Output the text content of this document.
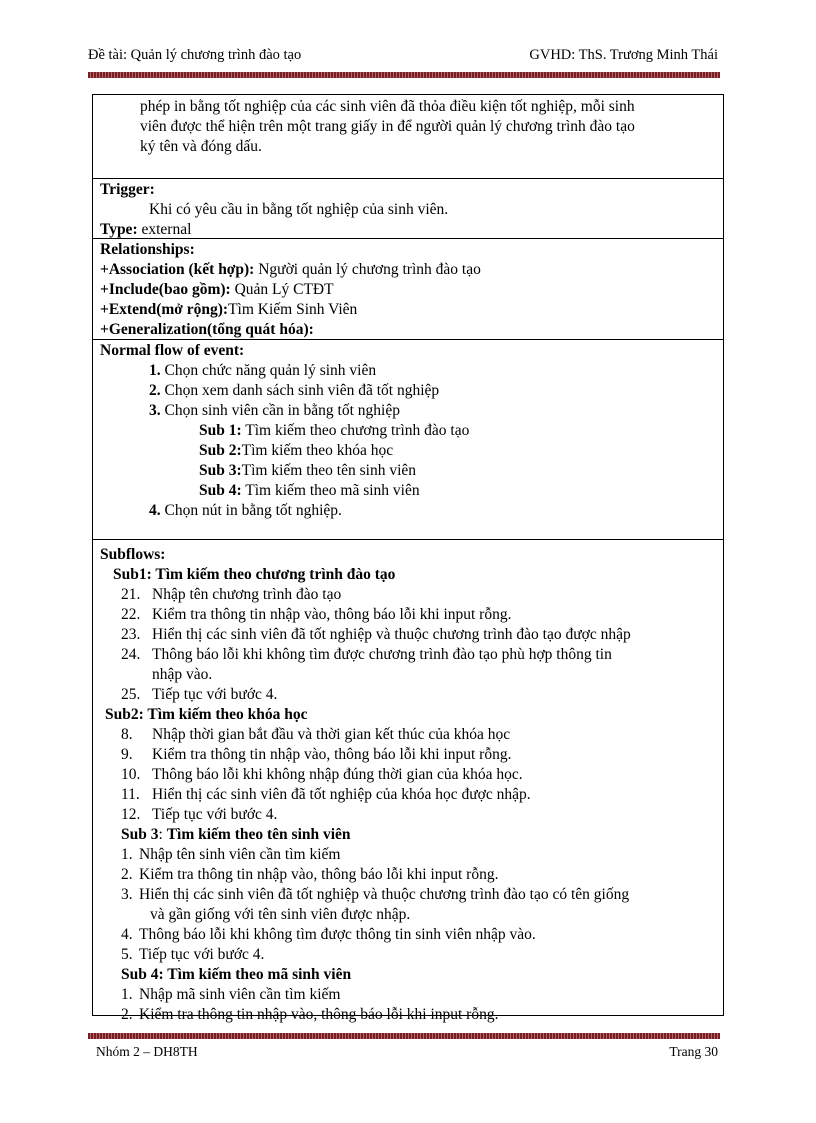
Đề tài: Quản lý chương trình đào tạo	GVHD: ThS. Trương Minh Thái
phép in bằng tốt nghiệp của các sinh viên đã thỏa điều kiện tốt nghiệp, mỗi sinh
viên được thể hiện trên một trang giấy in để người quản lý chương trình đào tạo
ký tên và đóng dấu.
Trigger:
Khi có yêu cầu in bằng tốt nghiệp của sinh viên.
Type: external
Relationships:
+Association (kết hợp): Người quản lý chương trình đào tạo
+Include(bao gồm): Quản Lý CTĐT
+Extend(mở rộng):Tìm Kiếm Sinh Viên
+Generalization(tổng quát hóa):
Normal flow of event:
1. Chọn chức năng quản lý sinh viên
2. Chọn xem danh sách sinh viên đã tốt nghiệp
3. Chọn sinh viên cần in bằng tốt nghiệp
Sub 1: Tìm kiếm theo chương trình đào tạo
Sub 2:Tìm kiếm theo khóa học
Sub 3:Tìm kiếm theo tên sinh viên
Sub 4: Tìm kiếm theo mã sinh viên
4. Chọn nút in bằng tốt nghiệp.
Subflows:
Sub1: Tìm kiếm theo chương trình đào tạo
21. Nhập tên chương trình đào tạo
22. Kiểm tra thông tin nhập vào, thông báo lỗi khi input rỗng.
23. Hiển thị các sinh viên đã tốt nghiệp và thuộc chương trình đào tạo được nhập
24. Thông báo lỗi khi không tìm được chương trình đào tạo phù hợp thông tin
nhập vào.
25. Tiếp tục với bước 4.
Sub2: Tìm kiếm theo khóa học
8.	Nhập thời gian bắt đầu và thời gian kết thúc của khóa học
9.	Kiểm tra thông tin nhập vào, thông báo lỗi khi input rỗng.
10. Thông báo lỗi khi không nhập đúng thời gian của khóa học.
11. Hiển thị các sinh viên đã tốt nghiệp của khóa học được nhập.
12. Tiếp tục với bước 4.
Sub 3: Tìm kiếm theo tên sinh viên
1. Nhập tên sinh viên cần tìm kiếm
2. Kiểm tra thông tin nhập vào, thông báo lỗi khi input rỗng.
3. Hiển thị các sinh viên đã tốt nghiệp và thuộc chương trình đào tạo có tên giống
và gần giống với tên sinh viên được nhập.
4. Thông báo lỗi khi không tìm được thông tin sinh viên nhập vào.
5. Tiếp tục với bước 4.
Sub 4: Tìm kiếm theo mã sinh viên
1. Nhập mã sinh viên cần tìm kiếm
2. Kiểm tra thông tin nhập vào, thông báo lỗi khi input rỗng.
Nhóm 2 – DH8TH	Trang 30
